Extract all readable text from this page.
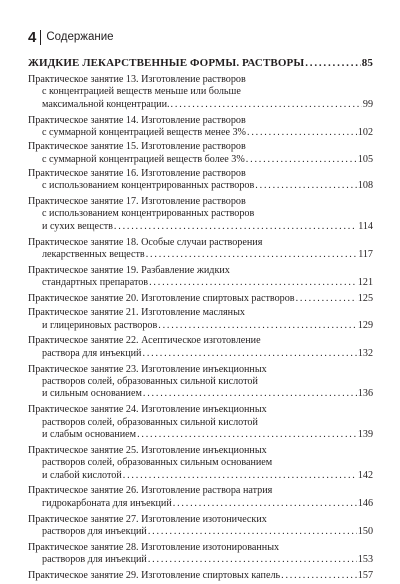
4 Содержание
ЖИДКИЕ ЛЕКАРСТВЕННЫЕ ФОРМЫ. РАСТВОРЫ .....	85
Практическое занятие 13. Изготовление растворов
с концентрацией веществ меньше или больше
максимальной концентрации. .....	99
Практическое занятие 14. Изготовление растворов
с суммарной концентрацией веществ менее 3% .....	102
Практическое занятие 15. Изготовление растворов
с суммарной концентрацией веществ более 3% .....	105
Практическое занятие 16. Изготовление растворов
с использованием концентрированных растворов .....	108
Практическое занятие 17. Изготовление растворов
с использованием концентрированных растворов
и сухих веществ .....	114
Практическое занятие 18. Особые случаи растворения
лекарственных веществ .....	117
Практическое занятие 19. Разбавление жидких
стандартных препаратов .....	121
Практическое занятие 20. Изготовление спиртовых растворов .....	125
Практическое занятие 21. Изготовление масляных
и глицериновых растворов .....	129
Практическое занятие 22. Асептическое изготовление
раствора для инъекций .....	132
Практическое занятие 23. Изготовление инъекционных
растворов солей, образованных сильной кислотой
и сильным основанием .....	136
Практическое занятие 24. Изготовление инъекционных
растворов солей, образованных сильной кислотой
и слабым основанием .....	139
Практическое занятие 25. Изготовление инъекционных
растворов солей, образованных сильным основанием
и слабой кислотой .....	142
Практическое занятие 26. Изготовление раствора натрия
гидрокарбоната для инъекций .....	146
Практическое занятие 27. Изготовление изотонических
растворов для инъекций .....	150
Практическое занятие 28. Изготовление изотонированных
растворов для инъекций .....	153
Практическое занятие 29. Изготовление спиртовых капель .....	157
